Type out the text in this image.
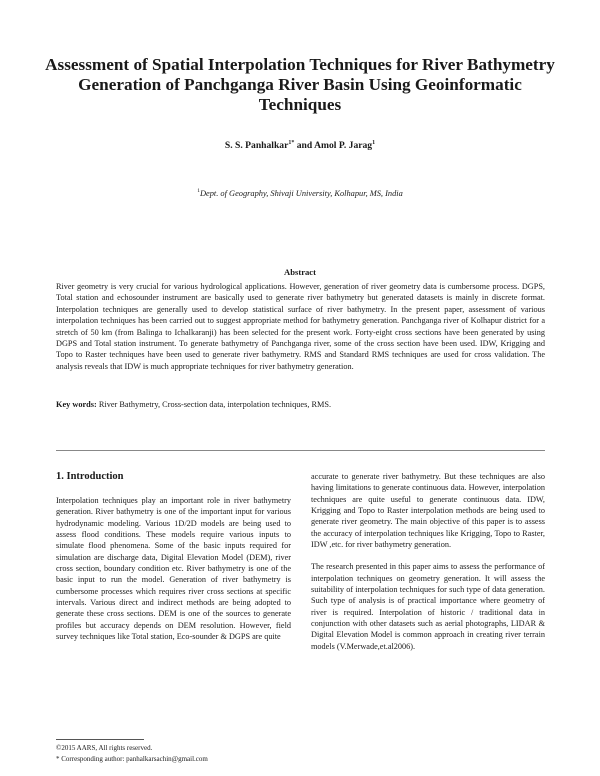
Assessment of Spatial Interpolation Techniques for River Bathymetry Generation of Panchganga River Basin Using Geoinformatic Techniques
S. S. Panhalkar$^{1*}$ and Amol P. Jarag$^1$
$^1$Dept. of Geography, Shivaji University, Kolhapur, MS, India
Abstract
River geometry is very crucial for various hydrological applications. However, generation of river geometry data is cumbersome process. DGPS, Total station and echosounder instrument are basically used to generate river bathymetry but generated datasets is mainly in discrete format. Interpolation techniques are generally used to develop statistical surface of river bathymetry. In the present paper, assessment of various interpolation techniques has been carried out to suggest appropriate method for bathymetry generation. Panchganga river of Kolhapur district for a stretch of 50 km (from Balinga to Ichalkaranji) has been selected for the present work. Forty-eight cross sections have been generated by using DGPS and Total station instrument. To generate bathymetry of Panchganga river, some of the cross section have been used. IDW, Krigging and Topo to Raster techniques have been used to generate river bathymetry. RMS and Standard RMS techniques are used for cross validation. The analysis reveals that IDW is much appropriate techniques for river bathymetry generation.
Key words: River Bathymetry, Cross-section data, interpolation techniques, RMS.
1. Introduction

Interpolation techniques play an important role in river bathymetry generation. River bathymetry is one of the important input for various hydrodynamic modeling. Various 1D/2D models are being used to assess flood conditions. These models require various inputs to simulate flood phenomena. Some of the basic inputs required for simulation are discharge data, Digital Elevation Model (DEM), river cross section, boundary condition etc. River bathymetry is one of the basic input to run the model. Generation of river bathymetry is cumbersome processes which requires river cross sections at specific intervals. Various direct and indirect methods are being adopted to generate these cross sections. DEM is one of the sources to generate profiles but accuracy depends on DEM resolution. However, field survey techniques like Total station, Eco-sounder & DGPS are quite

accurate to generate river bathymetry. But these techniques are also having limitations to generate continuous data. However, interpolation techniques are quite useful to generate continuous data. IDW, Krigging and Topo to Raster interpolation methods are being used to generate river geometry. The main objective of this paper is to assess the accuracy of interpolation techniques like Krigging, Topo to Raster, IDW ,etc. for river bathymetry generation.

The research presented in this paper aims to assess the performance of interpolation techniques on geometry generation. It will assess the suitability of interpolation techniques for such type of data generation. Such type of analysis is of practical importance where geometry of river is required. Interpolation of historic / traditional data in conjunction with other datasets such as aerial photographs, LIDAR & Digital Elevation Model is common approach in creating river terrain models (V.Merwade,et.al2006).

©2015 AARS, All rights reserved.
* Corresponding author: panhalkarsachin@gmail.com
